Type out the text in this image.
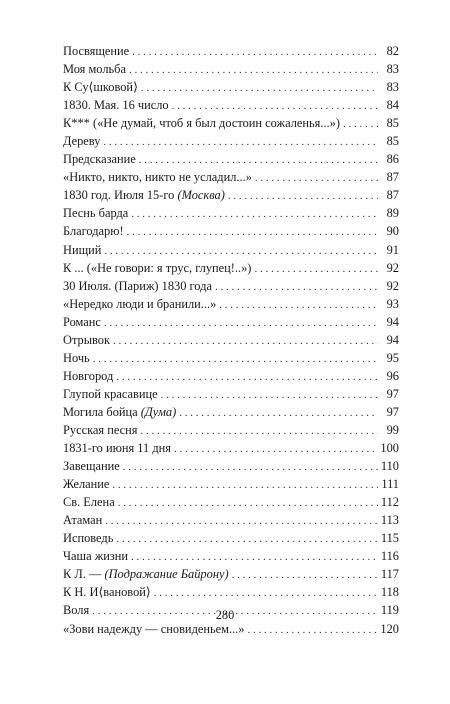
Посвящение . . .	82
Моя мольба . . .	83
К Су⟨шковой⟩ . . .	83
1830. Мая. 16 число . . .	84
К*** («Не думай, чтоб я был достоин сожаленья...») . . .	85
Дереву . . .	85
Предсказание . . .	86
«Никто, никто, никто не усладил...» . . .	87
1830 год. Июля 15-го (Москва) . . .	87
Песнь барда . . .	89
Благодарю! . . .	90
Нищий . . .	91
К ... («Не говори: я трус, глупец!..») . . .	92
30 Июля. (Париж) 1830 года . . .	92
«Нередко люди и бранили...» . . .	93
Романс . . .	94
Отрывок . . .	94
Ночь . . .	95
Новгород . . .	96
Глупой красавице . . .	97
Могила бойца (Дума) . . .	97
Русская песня . . .	99
1831-го июня 11 дня . . .	100
Завещание . . .	110
Желание . . .	111
Св. Елена . . .	112
Атаман . . .	113
Исповедь . . .	115
Чаша жизни . . .	116
К Л. — (Подражание Байрону) . . .	117
К Н. И⟨вановой⟩ . . .	118
Воля . . .	119
«Зови надежду — сновиденьем...» . . .	120
280
